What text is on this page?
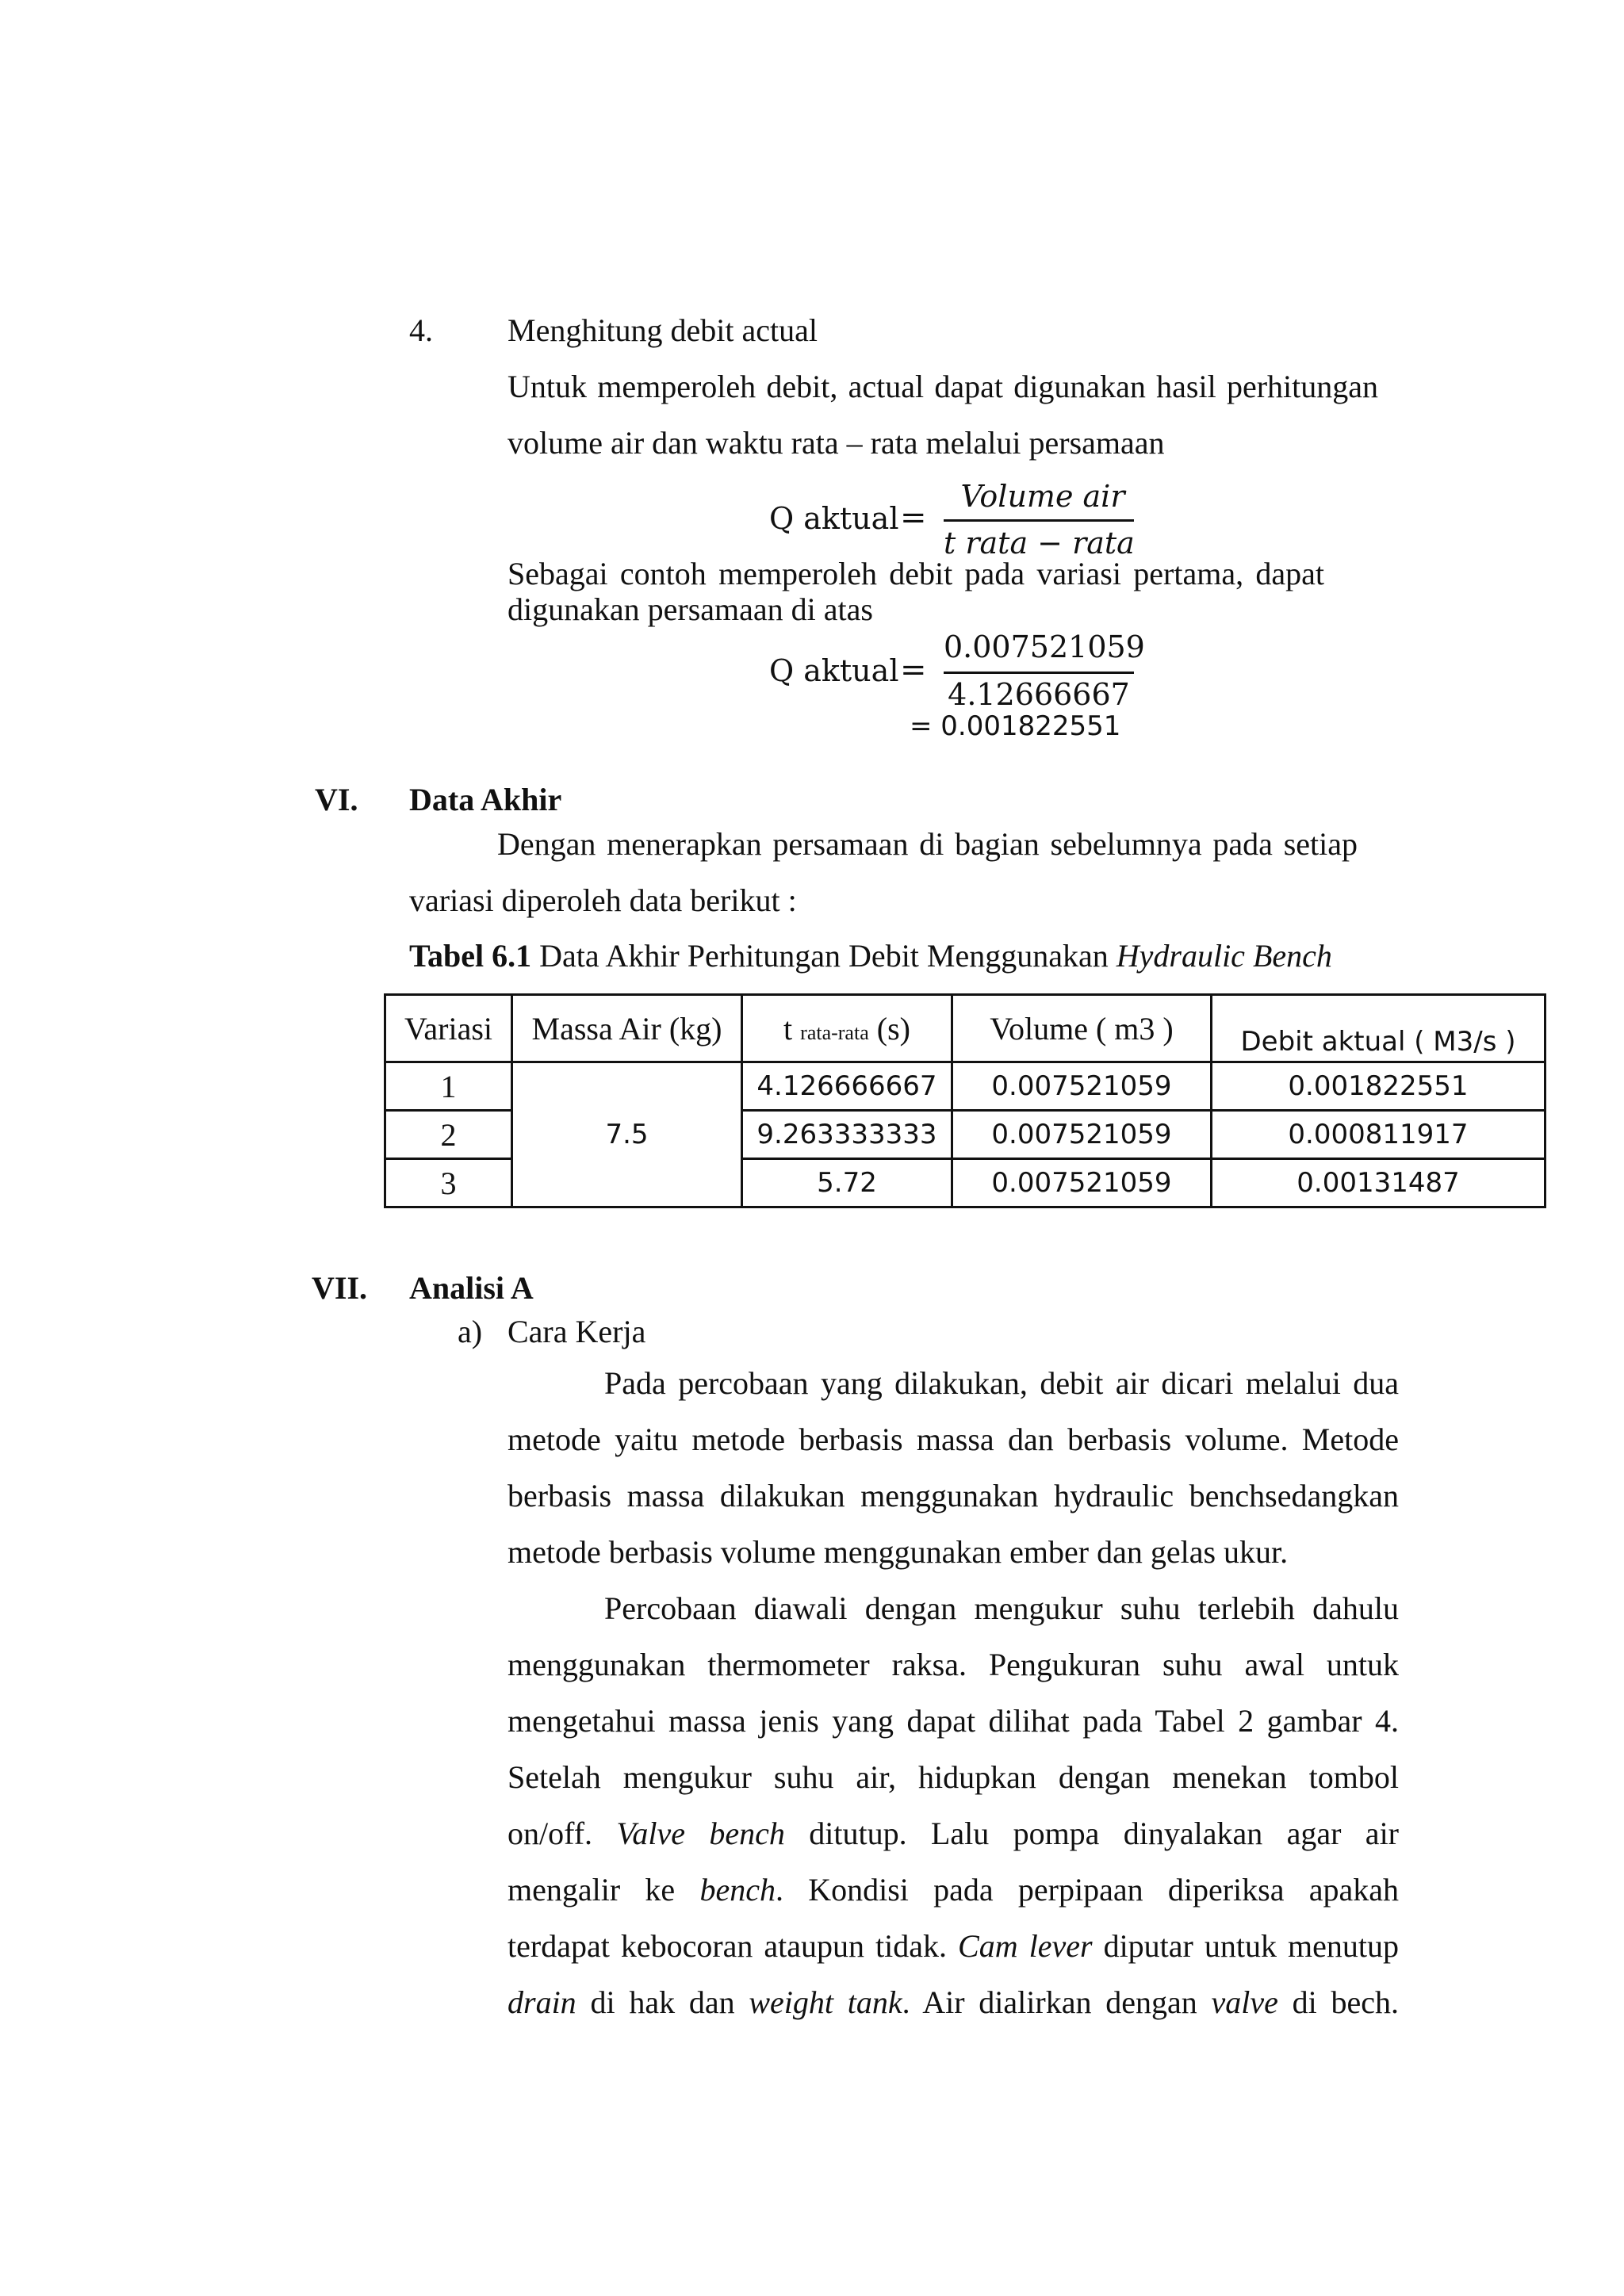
4. Menghitung debit actual
Untuk memperoleh debit, actual dapat digunakan hasil perhitungan
volume air dan waktu rata – rata melalui persamaan
Q aktual =
Volume air
t rata − rata
Sebagai contoh memperoleh debit pada variasi pertama, dapat
digunakan persamaan di atas
Q aktual =
0.007521059
4.12666667
= 0.001822551
VI. Data Akhir
Dengan menerapkan persamaan di bagian sebelumnya pada setiap
variasi diperoleh data berikut :
Tabel 6.1 Data Akhir Perhitungan Debit Menggunakan Hydraulic Bench
Variasi	Massa Air (kg)	t rata-rata (s)	Volume ( m3 )	Debit aktual ( M3/s )
1	7.5	4.126666667	0.007521059	0.001822551
2		9.263333333	0.007521059	0.000811917
3		5.72	0.007521059	0.00131487
VII. Analisi A
a) Cara Kerja
Pada percobaan yang dilakukan, debit air dicari melalui dua
metode yaitu metode berbasis massa dan berbasis volume. Metode
berbasis massa dilakukan menggunakan hydraulic benchsedangkan
metode berbasis volume menggunakan ember dan gelas ukur.
Percobaan diawali dengan mengukur suhu terlebih dahulu
menggunakan thermometer raksa. Pengukuran suhu awal untuk
mengetahui massa jenis yang dapat dilihat pada Tabel 2 gambar 4.
Setelah mengukur suhu air, hidupkan dengan menekan tombol
on/off. Valve bench ditutup. Lalu pompa dinyalakan agar air
mengalir ke bench. Kondisi pada perpipaan diperiksa apakah
terdapat kebocoran ataupun tidak. Cam lever diputar untuk menutup
drain di hak dan weight tank. Air dialirkan dengan valve di bech.
